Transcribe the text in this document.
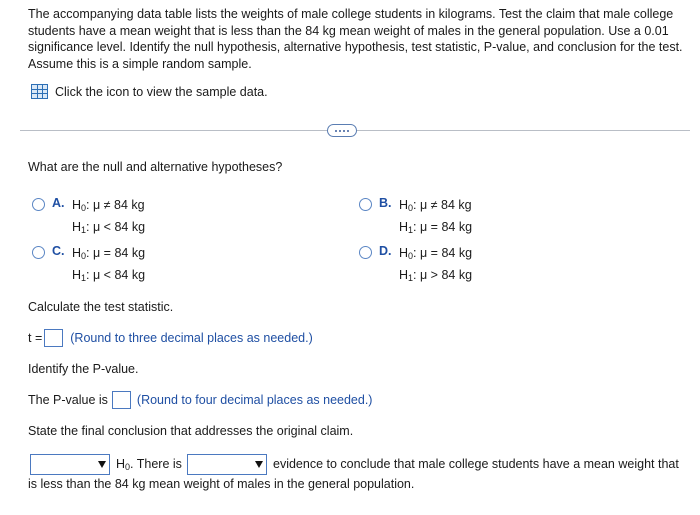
The accompanying data table lists the weights of male college students in kilograms. Test the claim that male college students have a mean weight that is less than the 84 kg mean weight of males in the general population. Use a 0.01 significance level. Identify the null hypothesis, alternative hypothesis, test statistic, P-value, and conclusion for the test. Assume this is a simple random sample.
Click the icon to view the sample data.
What are the null and alternative hypotheses?
A. $H_0$: μ ≠ 84 kg
$H_1$: μ < 84 kg
B. $H_0$: μ ≠ 84 kg
$H_1$: μ = 84 kg
C. $H_0$: μ = 84 kg
$H_1$: μ < 84 kg
D. $H_0$: μ = 84 kg
$H_1$: μ > 84 kg
Calculate the test statistic.
t = (Round to three decimal places as needed.)
Identify the P-value.
The P-value is (Round to four decimal places as needed.)
State the final conclusion that addresses the original claim.
$H_0$. There is	evidence to conclude that male college students have a mean weight that
is less than the 84 kg mean weight of males in the general population.
